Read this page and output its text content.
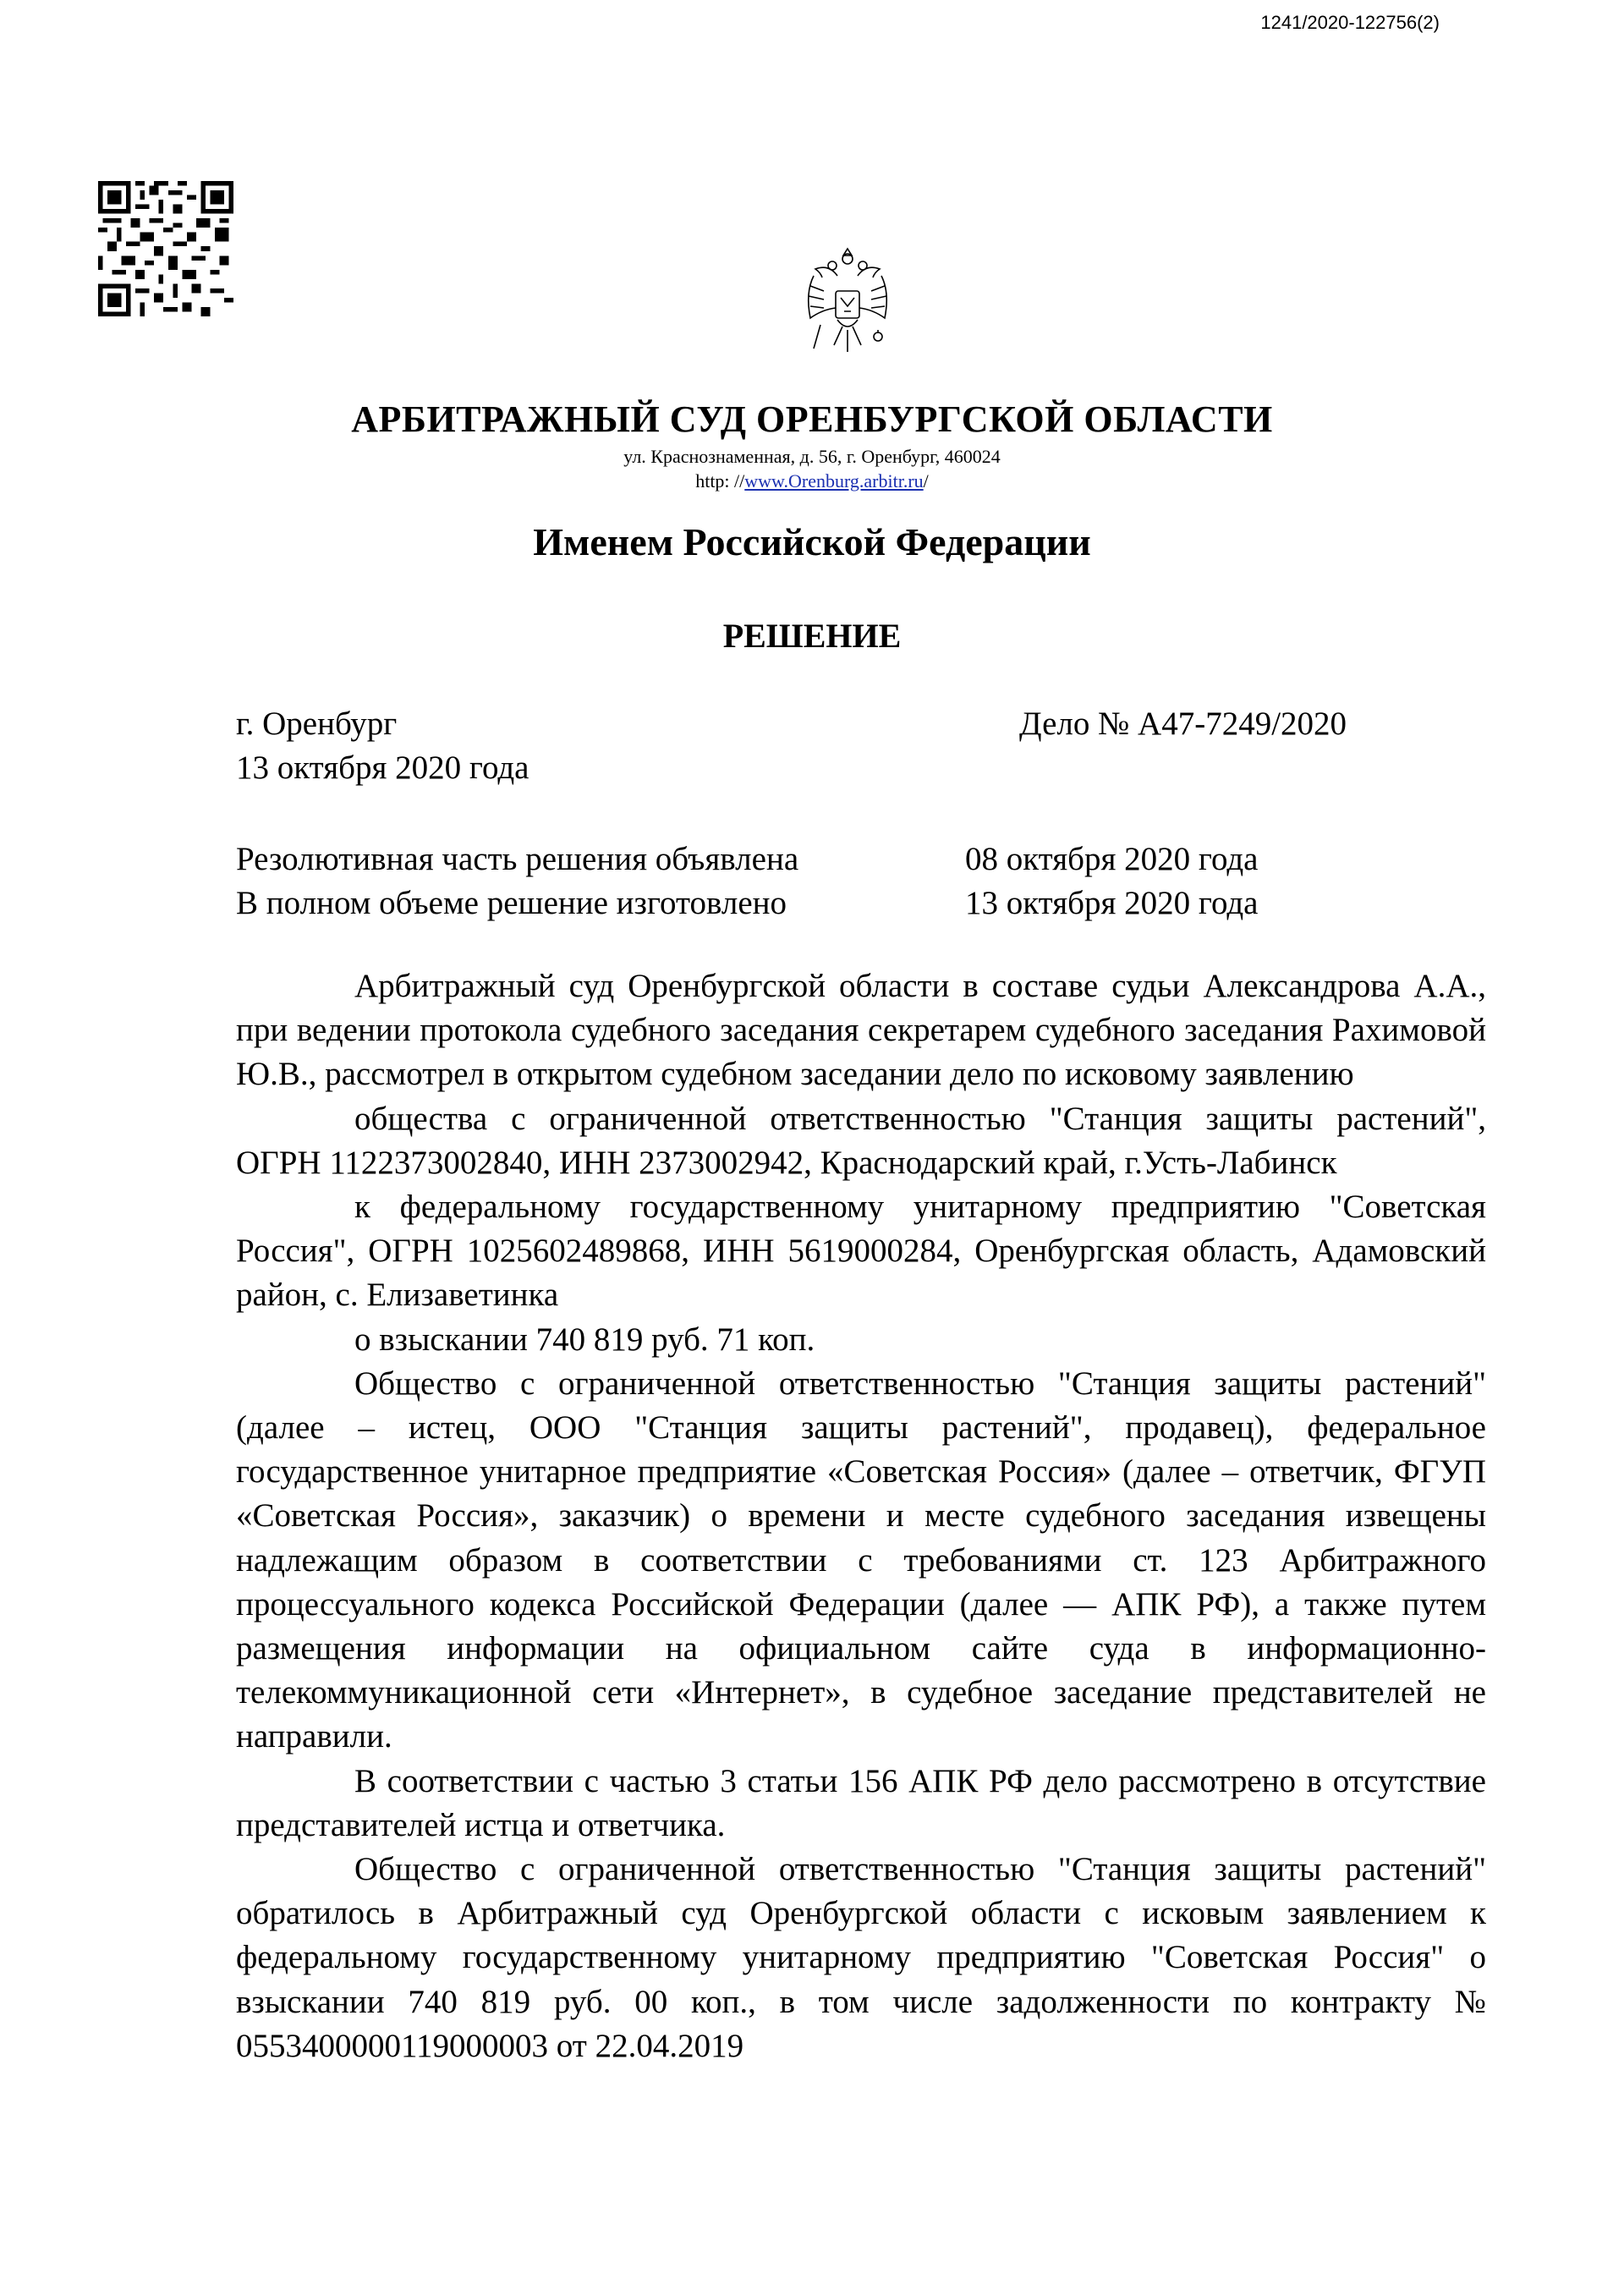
1241/2020-122756(2)
АРБИТРАЖНЫЙ СУД ОРЕНБУРГСКОЙ ОБЛАСТИ
ул. Краснознаменная, д. 56, г. Оренбург, 460024
http: //www.Orenburg.arbitr.ru/
Именем Российской Федерации
РЕШЕНИЕ
г. Оренбург	Дело № А47-7249/2020
13 октября 2020 года
Резолютивная часть решения объявлена	08 октября 2020 года
В полном объеме решение изготовлено	13 октября 2020 года

Арбитражный суд Оренбургской области в составе судьи Александрова А.А., при ведении протокола судебного заседания секретарем судебного заседания Рахимовой Ю.В., рассмотрел в открытом судебном заседании дело по исковому заявлению

общества с ограниченной ответственностью "Станция защиты растений", ОГРН 1122373002840, ИНН 2373002942, Краснодарский край, г.Усть-Лабинск

к федеральному государственному унитарному предприятию "Советская Россия", ОГРН 1025602489868, ИНН 5619000284, Оренбургская область, Адамовский район, с. Елизаветинка

о взыскании 740 819 руб. 71 коп.

Общество с ограниченной ответственностью "Станция защиты растений" (далее – истец, ООО "Станция защиты растений", продавец), федеральное государственное унитарное предприятие «Советская Россия» (далее – ответчик, ФГУП «Советская Россия», заказчик) о времени и месте судебного заседания извещены надлежащим образом в соответствии с требованиями ст. 123 Арбитражного процессуального кодекса Российской Федерации (далее — АПК РФ), а также путем размещения информации на официальном сайте суда в информационно-телекоммуникационной сети «Интернет», в судебное заседание представителей не направили.

В соответствии с частью 3 статьи 156 АПК РФ дело рассмотрено в отсутствие представителей истца и ответчика.

Общество с ограниченной ответственностью "Станция защиты растений" обратилось в Арбитражный суд Оренбургской области с исковым заявлением к федеральному государственному унитарному предприятию "Советская Россия" о взыскании 740 819 руб. 00 коп., в том числе задолженности по контракту № 0553400000119000003 от 22.04.2019
